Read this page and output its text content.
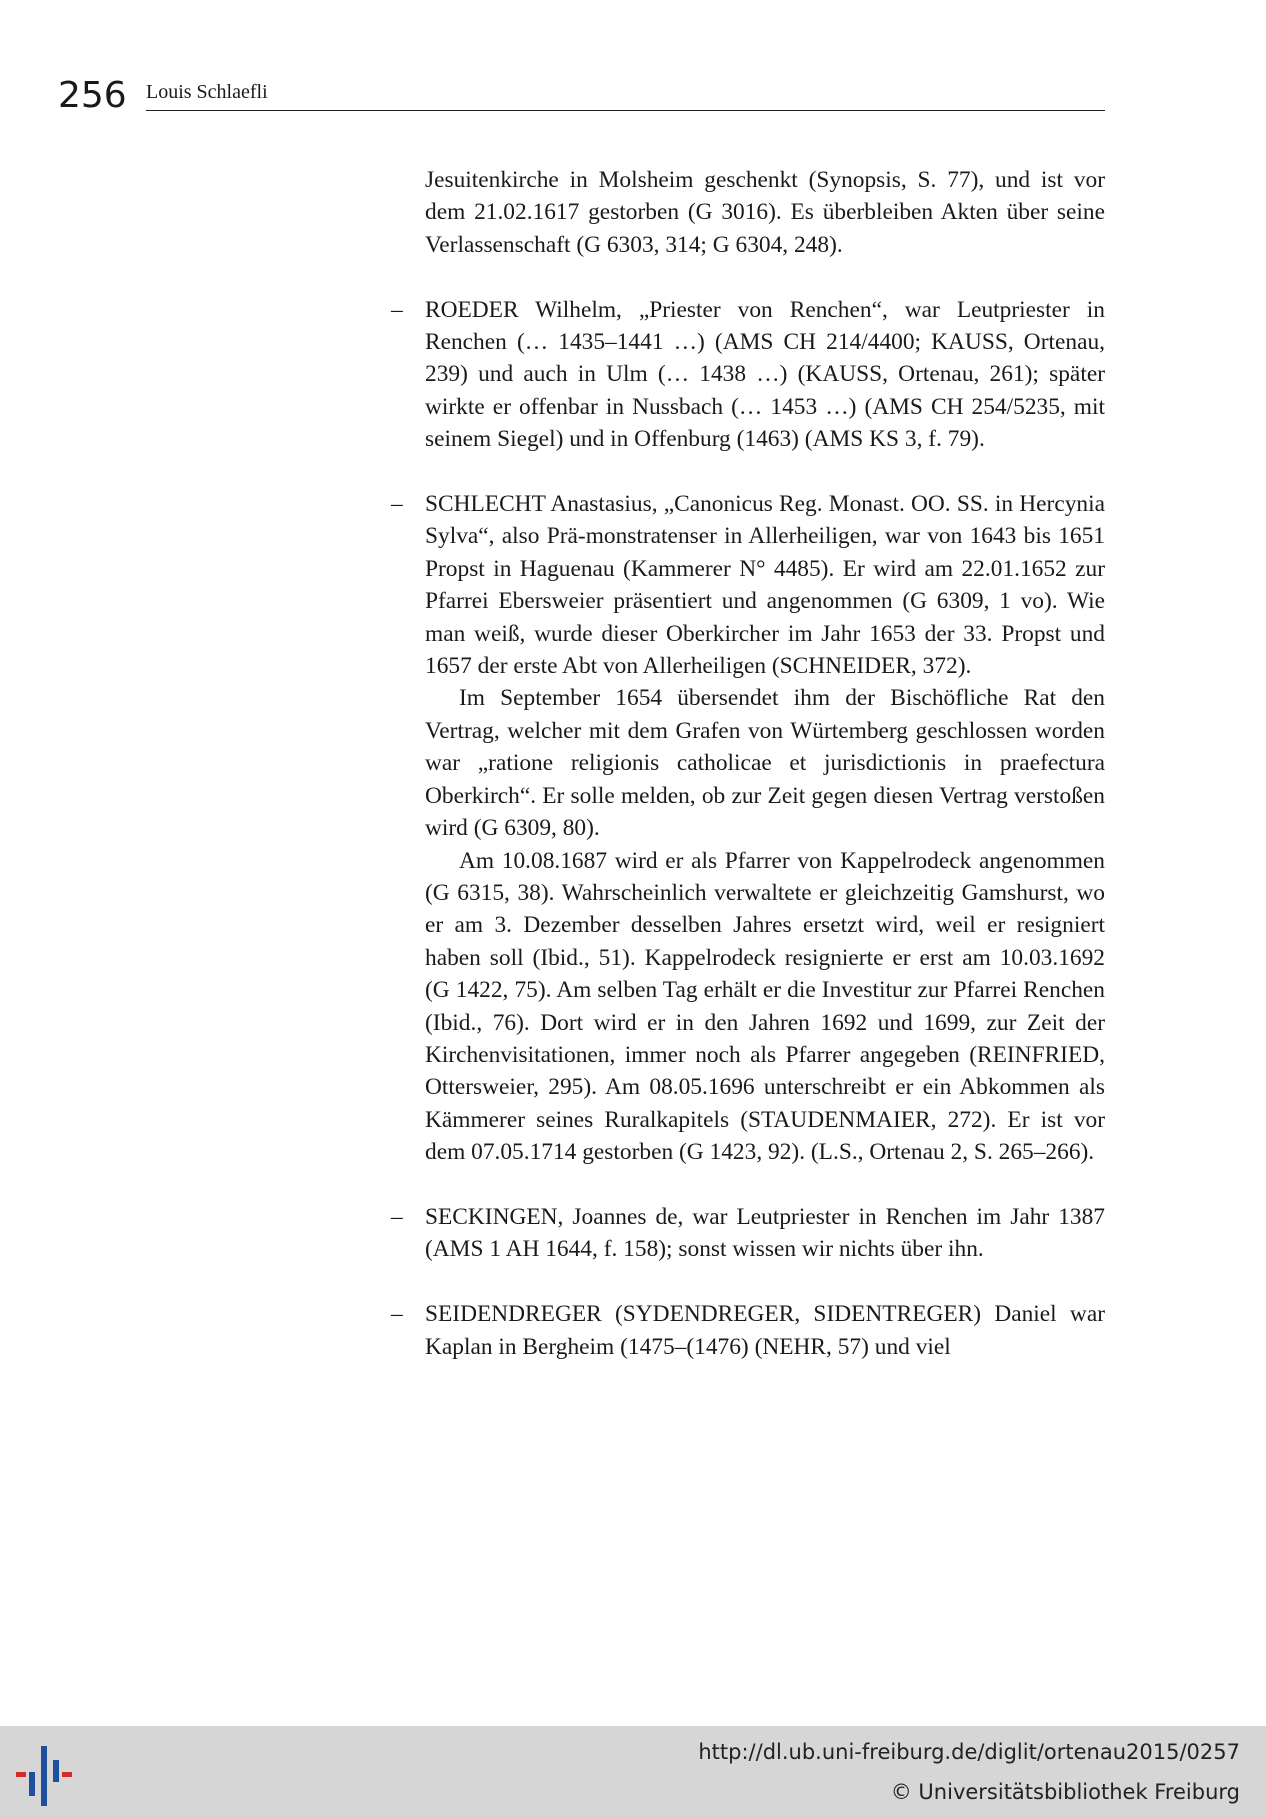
256 Louis Schlaefli

Jesuitenkirche in Molsheim geschenkt (Synopsis, S. 77), und ist vor dem 21.02.1617 gestorben (G 3016). Es überbleiben Akten über seine Verlassenschaft (G 6303, 314; G 6304, 248).

– ROEDER Wilhelm, „Priester von Renchen“, war Leutpriester in Renchen (… 1435–1441 …) (AMS CH 214/4400; KAUSS, Ortenau, 239) und auch in Ulm (… 1438 …) (KAUSS, Ortenau, 261); später wirkte er offenbar in Nussbach (… 1453 …) (AMS CH 254/5235, mit seinem Siegel) und in Offenburg (1463) (AMS KS 3, f. 79).

– SCHLECHT Anastasius, „Canonicus Reg. Monast. OO. SS. in Hercynia Sylva“, also Prä-monstratenser in Allerheiligen, war von 1643 bis 1651 Propst in Haguenau (Kammerer N° 4485). Er wird am 22.01.1652 zur Pfarrei Ebersweier präsentiert und angenommen (G 6309, 1 vo). Wie man weiß, wurde dieser Oberkircher im Jahr 1653 der 33. Propst und 1657 der erste Abt von Allerheiligen (SCHNEIDER, 372).

Im September 1654 übersendet ihm der Bischöfliche Rat den Vertrag, welcher mit dem Grafen von Würtemberg geschlossen worden war „ratione religionis catholicae et jurisdictionis in praefectura Oberkirch“. Er solle melden, ob zur Zeit gegen diesen Vertrag verstoßen wird (G 6309, 80).

Am 10.08.1687 wird er als Pfarrer von Kappelrodeck angenommen (G 6315, 38). Wahrscheinlich verwaltete er gleichzeitig Gamshurst, wo er am 3. Dezember desselben Jahres ersetzt wird, weil er resigniert haben soll (Ibid., 51). Kappelrodeck resignierte er erst am 10.03.1692 (G 1422, 75). Am selben Tag erhält er die Investitur zur Pfarrei Renchen (Ibid., 76). Dort wird er in den Jahren 1692 und 1699, zur Zeit der Kirchenvisitationen, immer noch als Pfarrer angegeben (REINFRIED, Ottersweier, 295). Am 08.05.1696 unterschreibt er ein Abkommen als Kämmerer seines Ruralkapitels (STAUDENMAIER, 272). Er ist vor dem 07.05.1714 gestorben (G 1423, 92). (L.S., Ortenau 2, S. 265–266).

– SECKINGEN, Joannes de, war Leutpriester in Renchen im Jahr 1387 (AMS 1 AH 1644, f. 158); sonst wissen wir nichts über ihn.

– SEIDENDREGER (SYDENDREGER, SIDENTREGER) Daniel war Kaplan in Bergheim (1475–(1476) (NEHR, 57) und viel

http://dl.ub.uni-freiburg.de/diglit/ortenau2015/0257
© Universitätsbibliothek Freiburg
